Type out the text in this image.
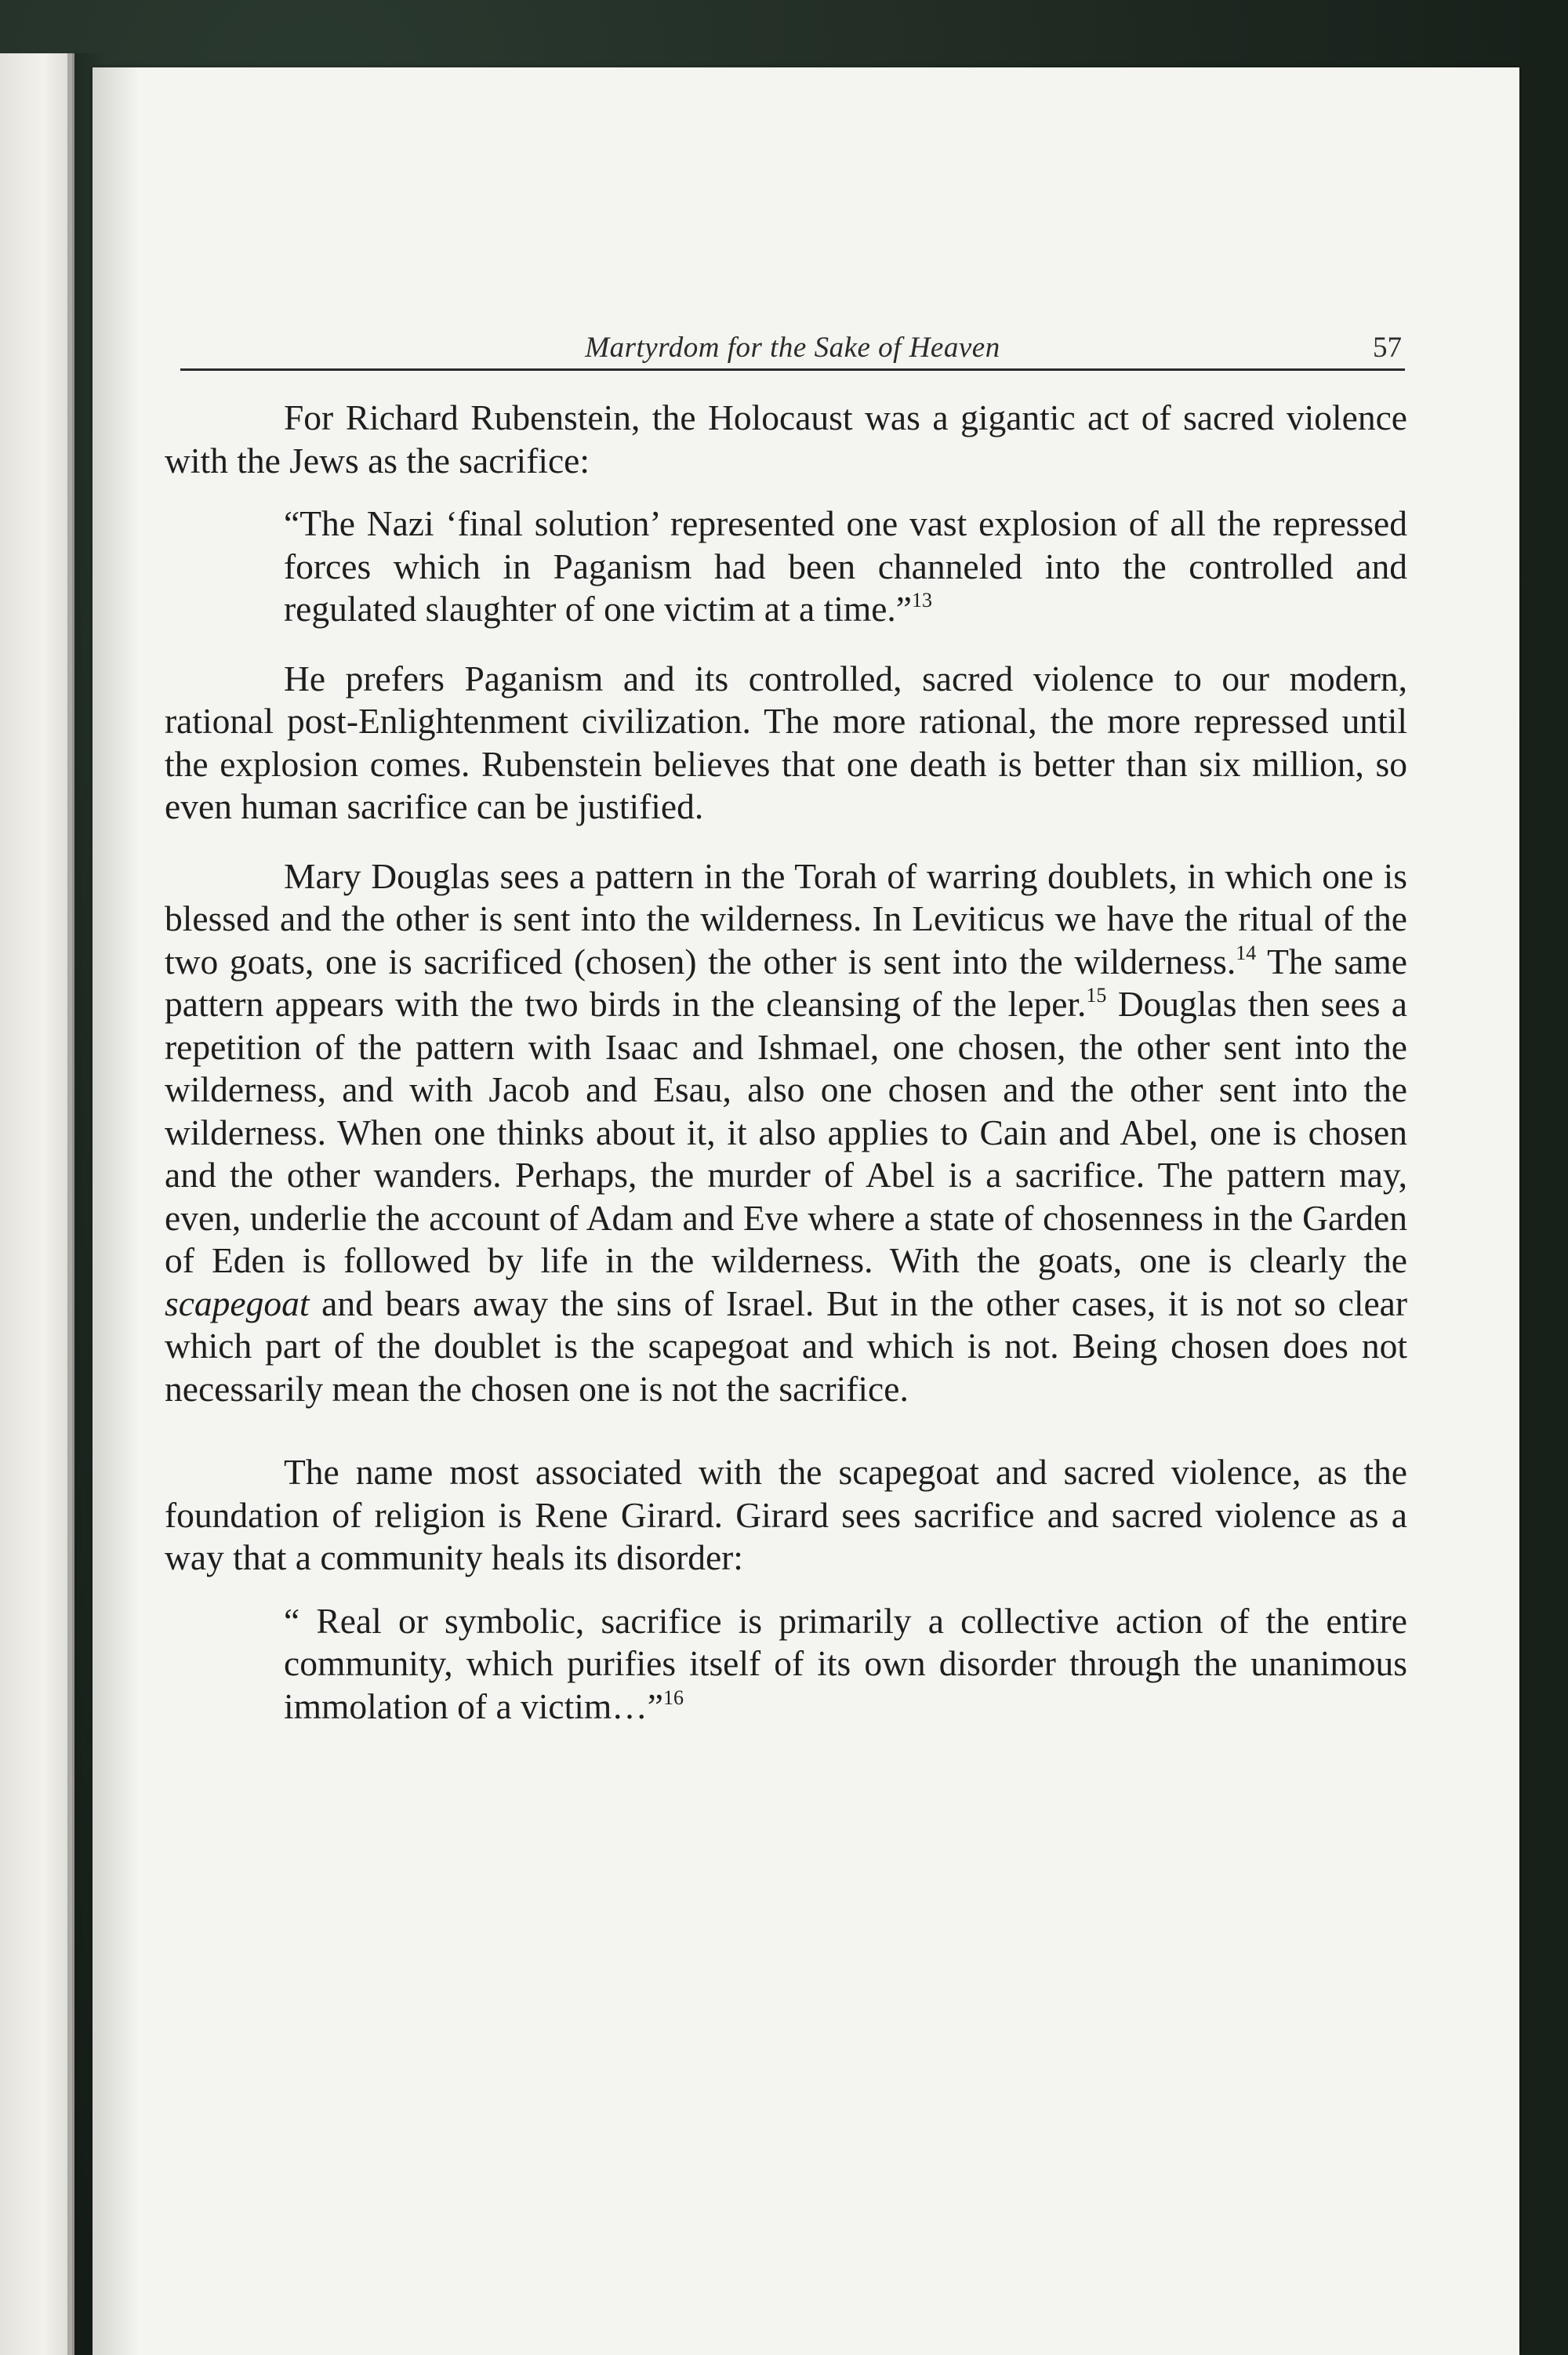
Martyrdom for the Sake of Heaven	57

For Richard Rubenstein, the Holocaust was a gigantic act of sacred violence with the Jews as the sacrifice:

“The Nazi ‘final solution’ represented one vast explosion of all the repressed forces which in Paganism had been channeled into the controlled and regulated slaughter of one victim at a time.”$^{13}$

He prefers Paganism and its controlled, sacred violence to our modern, rational post-Enlightenment civilization. The more rational, the more repressed until the explosion comes. Rubenstein believes that one death is better than six million, so even human sacrifice can be justified.

Mary Douglas sees a pattern in the Torah of warring doublets, in which one is blessed and the other is sent into the wilderness. In Leviticus we have the ritual of the two goats, one is sacrificed (chosen) the other is sent into the wilderness.$^{14}$ The same pattern appears with the two birds in the cleansing of the leper.$^{15}$ Douglas then sees a repetition of the pattern with Isaac and Ishmael, one chosen, the other sent into the wilderness, and with Jacob and Esau, also one chosen and the other sent into the wilderness. When one thinks about it, it also applies to Cain and Abel, one is chosen and the other wanders. Perhaps, the murder of Abel is a sacrifice. The pattern may, even, underlie the account of Adam and Eve where a state of chosenness in the Garden of Eden is followed by life in the wilderness. With the goats, one is clearly the scapegoat and bears away the sins of Israel. But in the other cases, it is not so clear which part of the doublet is the scapegoat and which is not. Being chosen does not necessarily mean the chosen one is not the sacrifice.

The name most associated with the scapegoat and sacred violence, as the foundation of religion is Rene Girard. Girard sees sacrifice and sacred violence as a way that a community heals its disorder:

“ Real or symbolic, sacrifice is primarily a collective action of the entire community, which purifies itself of its own disorder through the unanimous immolation of a victim…”$^{16}$
